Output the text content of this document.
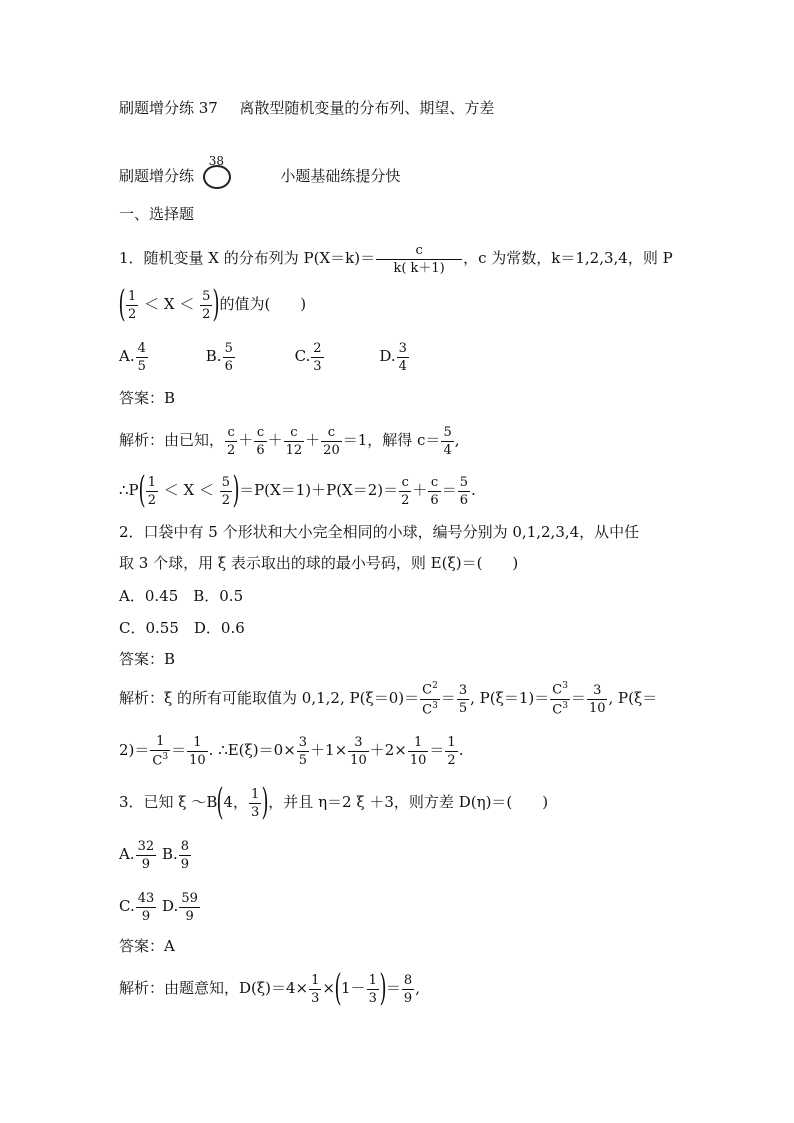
刷题增分练 37 离散型随机变量的分布列、期望、方差
刷题增分练
38
小题基础练提分快
一、选择题
1．随机变量 X 的分布列为 $P(X=k)= \frac{c}{k( k+1)}$ ，c 为常数，k＝1,2,3,4，则 P
( $\frac{1}{2} < X < \frac{5}{2}$ )的值为(　　)
A. $\frac{4}{5}$	B. $\frac{5}{6}$	C. $\frac{2}{3}$	D. $\frac{3}{4}$
答案：B
解析：由已知， $\frac{c}{2} + \frac{c}{6} + \frac{c}{12} + \frac{c}{20} =1$，解得 $c= \frac{5}{4}$ ,
∴P( $\frac{1}{2} < X < \frac{5}{2} )=P(X=1)+P(X=2)= \frac{c}{2} + \frac{c}{6} = \frac{5}{6}$ .
2．口袋中有 5 个形状和大小完全相同的小球，编号分别为 0,1,2,3,4，从中任
取 3 个球，用 ξ 表示取出的球的最小号码，则 E(ξ)＝(　　)
A．0.45　B．0.5
C．0.55　D．0.6
答案：B
解析：ξ 的所有可能取值为 0,1,2, $P(\xi=0)= \frac{C^2}{C^3} = \frac{3}{5}$ , $P(\xi=1)= \frac{C^3}{C^3} = \frac{3}{10}$ , P(ξ＝
$2)= \frac{1}{C^3} = \frac{1}{10}$ . ∴E(ξ)＝0× $\frac{3}{5} +1\times \frac{3}{10} +2\times \frac{1}{10} = \frac{1}{2}$ .
3．已知 ξ ～B(4， $\frac{1}{3}$ )，并且 η＝2 ξ ＋3，则方差 D(η)＝(　　)
A. $\frac{32}{9} B$. $\frac{8}{9}$
C. $\frac{43}{9} D$. $\frac{59}{9}$
答案：A
解析：由题意知，$D(\xi)=4\times \frac{1}{3} \times(1- \frac{1}{3}$ )＝ $\frac{8}{9}$ ,
